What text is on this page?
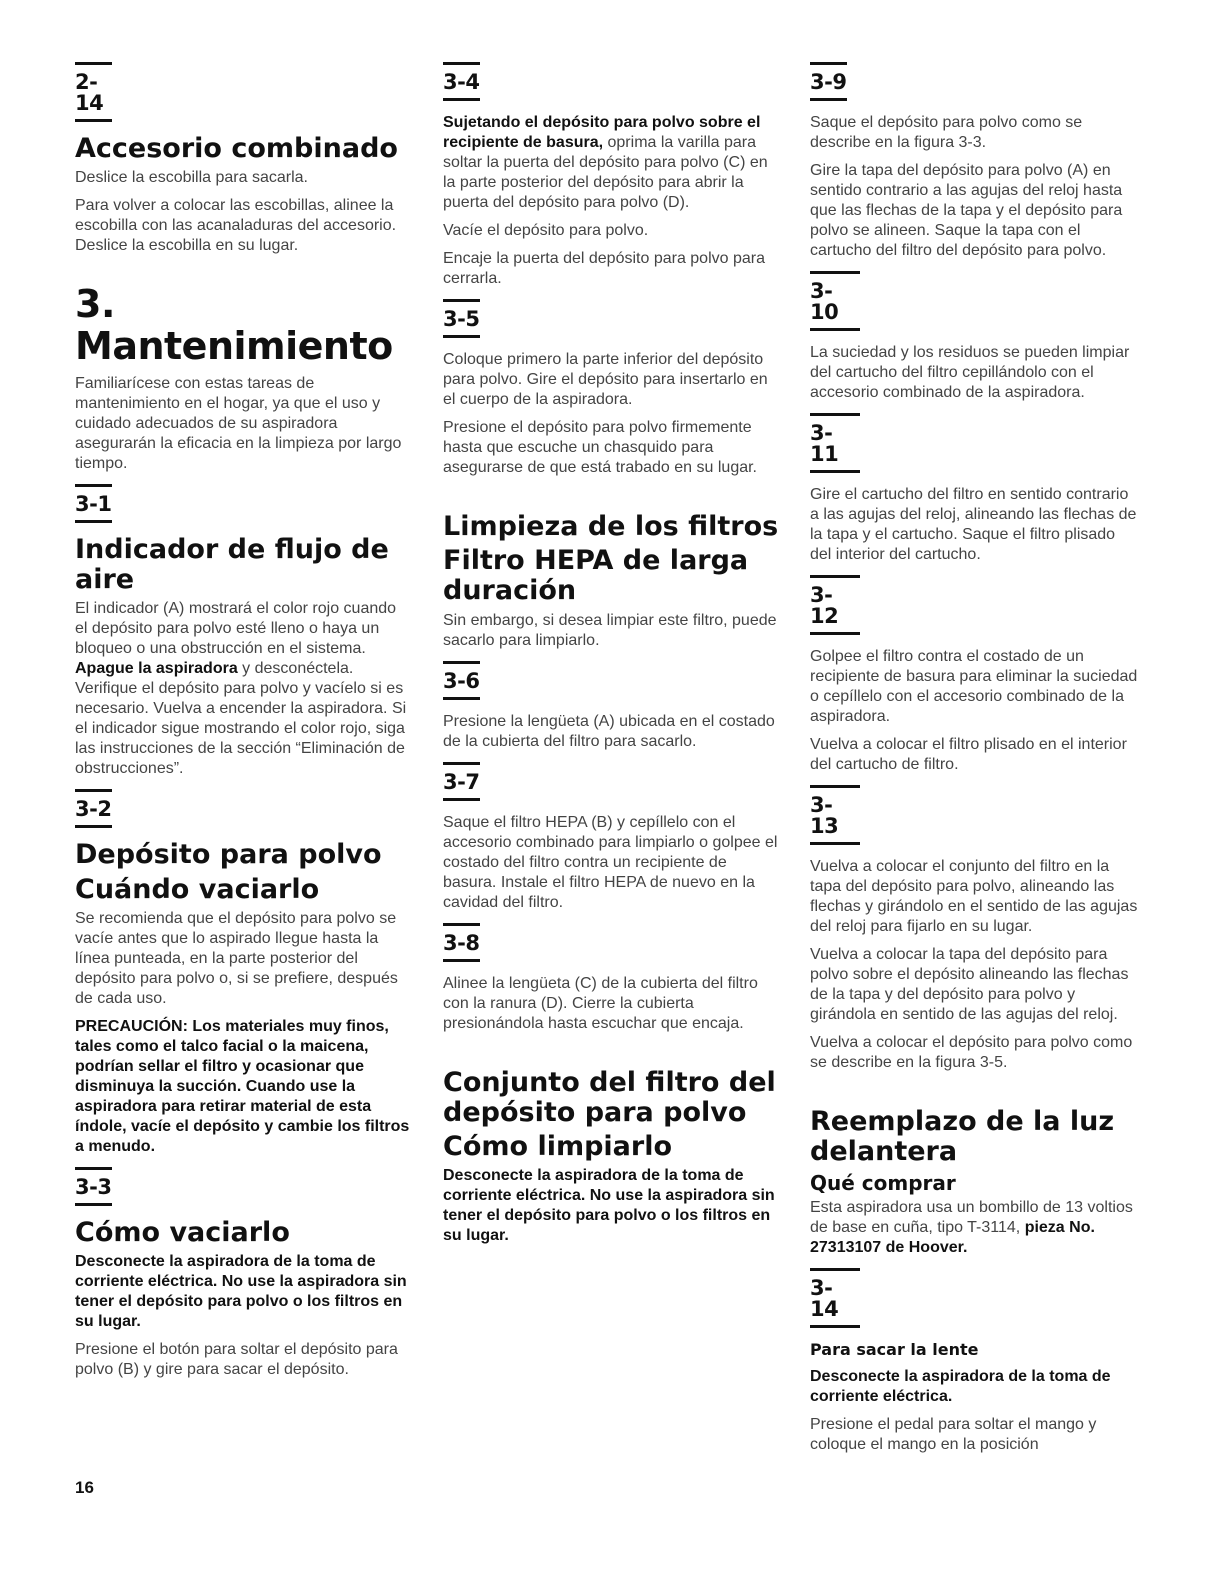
2-14
Accesorio combinado

Deslice la escobilla para sacarla.

Para volver a colocar las escobillas, alinee la escobilla con las acanaladuras del accesorio. Deslice la escobilla en su lugar.

3. Mantenimiento

Familiarícese con estas tareas de mantenimiento en el hogar, ya que el uso y cuidado adecuados de su aspiradora asegurarán la eficacia en la limpieza por largo tiempo.

3-1
Indicador de flujo de aire

El indicador (A) mostrará el color rojo cuando el depósito para polvo esté lleno o haya un bloqueo o una obstrucción en el sistema. Apague la aspiradora y desconéctela. Verifique el depósito para polvo y vacíelo si es necesario. Vuelva a encender la aspiradora. Si el indicador sigue mostrando el color rojo, siga las instrucciones de la sección “Eliminación de obstrucciones”.

3-2
Depósito para polvo
Cuándo vaciarlo

Se recomienda que el depósito para polvo se vacíe antes que lo aspirado llegue hasta la línea punteada, en la parte posterior del depósito para polvo o, si se prefiere, después de cada uso.

PRECAUCIÓN: Los materiales muy finos, tales como el talco facial o la maicena, podrían sellar el filtro y ocasionar que disminuya la succión. Cuando use la aspiradora para retirar material de esta índole, vacíe el depósito y cambie los filtros a menudo.

3-3
Cómo vaciarlo

Desconecte la aspiradora de la toma de corriente eléctrica. No use la aspiradora sin tener el depósito para polvo o los filtros en su lugar.

Presione el botón para soltar el depósito para polvo (B) y gire para sacar el depósito.

3-4

Sujetando el depósito para polvo sobre el recipiente de basura, oprima la varilla para soltar la puerta del depósito para polvo (C) en la parte posterior del depósito para abrir la puerta del depósito para polvo (D).

Vacíe el depósito para polvo.

Encaje la puerta del depósito para polvo para cerrarla.

3-5

Coloque primero la parte inferior del depósito para polvo. Gire el depósito para insertarlo en el cuerpo de la aspiradora.

Presione el depósito para polvo firmemente hasta que escuche un chasquido para asegurarse de que está trabado en su lugar.

Limpieza de los filtros
Filtro HEPA de larga duración

Sin embargo, si desea limpiar este filtro, puede sacarlo para limpiarlo.

3-6

Presione la lengüeta (A) ubicada en el costado de la cubierta del filtro para sacarlo.

3-7

Saque el filtro HEPA (B) y cepíllelo con el accesorio combinado para limpiarlo o golpee el costado del filtro contra un recipiente de basura. Instale el filtro HEPA de nuevo en la cavidad del filtro.

3-8

Alinee la lengüeta (C) de la cubierta del filtro con la ranura (D). Cierre la cubierta presionándola hasta escuchar que encaja.

Conjunto del filtro del depósito para polvo
Cómo limpiarlo

Desconecte la aspiradora de la toma de corriente eléctrica. No use la aspiradora sin tener el depósito para polvo o los filtros en su lugar.

3-9

Saque el depósito para polvo como se describe en la figura 3-3.

Gire la tapa del depósito para polvo (A) en sentido contrario a las agujas del reloj hasta que las flechas de la tapa y el depósito para polvo se alineen. Saque la tapa con el cartucho del filtro del depósito para polvo.

3-10

La suciedad y los residuos se pueden limpiar del cartucho del filtro cepillándolo con el accesorio combinado de la aspiradora.

3-11

Gire el cartucho del filtro en sentido contrario a las agujas del reloj, alineando las flechas de la tapa y el cartucho. Saque el filtro plisado del interior del cartucho.

3-12

Golpee el filtro contra el costado de un recipiente de basura para eliminar la suciedad o cepíllelo con el accesorio combinado de la aspiradora.

Vuelva a colocar el filtro plisado en el interior del cartucho de filtro.

3-13

Vuelva a colocar el conjunto del filtro en la tapa del depósito para polvo, alineando las flechas y girándolo en el sentido de las agujas del reloj para fijarlo en su lugar.

Vuelva a colocar la tapa del depósito para polvo sobre el depósito alineando las flechas de la tapa y del depósito para polvo y girándola en sentido de las agujas del reloj.

Vuelva a colocar el depósito para polvo como se describe en la figura 3-5.

Reemplazo de la luz delantera
Qué comprar

Esta aspiradora usa un bombillo de 13 voltios de base en cuña, tipo T-3114, pieza No. 27313107 de Hoover.

3-14
Para sacar la lente

Desconecte la aspiradora de la toma de corriente eléctrica.

Presione el pedal para soltar el mango y coloque el mango en la posición

16
